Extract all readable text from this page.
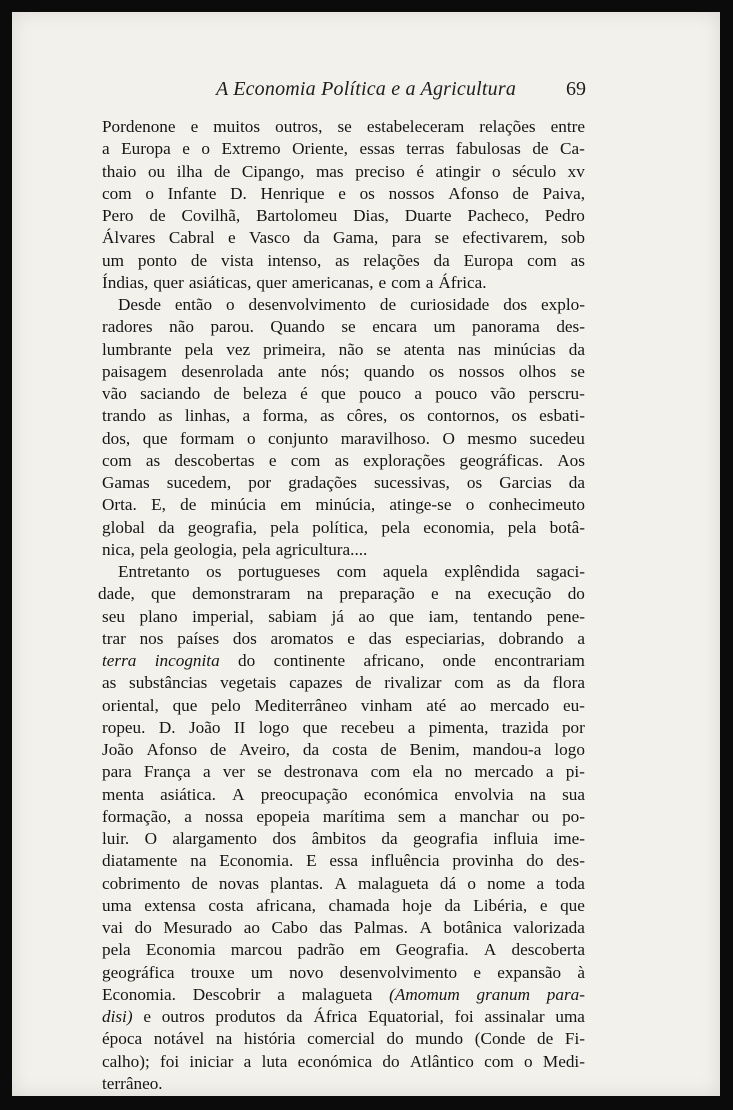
A Economia Política e a Agricultura	69
Pordenone e muitos outros, se estabeleceram relações entre
a Europa e o Extremo Oriente, essas terras fabulosas de Ca-
thaio ou ilha de Cipango, mas preciso é atingir o século xv
com o Infante D. Henrique e os nossos Afonso de Paiva,
Pero de Covilhã, Bartolomeu Dias, Duarte Pacheco, Pedro
Álvares Cabral e Vasco da Gama, para se efectivarem, sob
um ponto de vista intenso, as relações da Europa com as
Índias, quer asiáticas, quer americanas, e com a África.
Desde então o desenvolvimento de curiosidade dos explo-
radores não parou. Quando se encara um panorama des-
lumbrante pela vez primeira, não se atenta nas minúcias da
paisagem desenrolada ante nós; quando os nossos olhos se
vão saciando de beleza é que pouco a pouco vão perscru-
trando as linhas, a forma, as côres, os contornos, os esbati-
dos, que formam o conjunto maravilhoso. O mesmo sucedeu
com as descobertas e com as explorações geográficas. Aos
Gamas sucedem, por gradações sucessivas, os Garcias da
Orta. E, de minúcia em minúcia, atinge-se o conhecimeuto
global da geografia, pela política, pela economia, pela botâ-
nica, pela geologia, pela agricultura....
Entretanto os portugueses com aquela explêndida sagaci-
dade, que demonstraram na preparação e na execução do
seu plano imperial, sabiam já ao que iam, tentando pene-
trar nos países dos aromatos e das especiarias, dobrando a
terra incognita do continente africano, onde encontrariam
as substâncias vegetais capazes de rivalizar com as da flora
oriental, que pelo Mediterrâneo vinham até ao mercado eu-
ropeu. D. João II logo que recebeu a pimenta, trazida por
João Afonso de Aveiro, da costa de Benim, mandou-a logo
para França a ver se destronava com ela no mercado a pi-
menta asiática. A preocupação económica envolvia na sua
formação, a nossa epopeia marítima sem a manchar ou po-
luir. O alargamento dos âmbitos da geografia influia ime-
diatamente na Economia. E essa influência provinha do des-
cobrimento de novas plantas. A malagueta dá o nome a toda
uma extensa costa africana, chamada hoje da Libéria, e que
vai do Mesurado ao Cabo das Palmas. A botânica valorizada
pela Economia marcou padrão em Geografia. A descoberta
geográfica trouxe um novo desenvolvimento e expansão à
Economia. Descobrir a malagueta (Amomum granum para-
disi) e outros produtos da África Equatorial, foi assinalar uma
época notável na história comercial do mundo (Conde de Fi-
calho); foi iniciar a luta económica do Atlântico com o Medi-
terrâneo.
